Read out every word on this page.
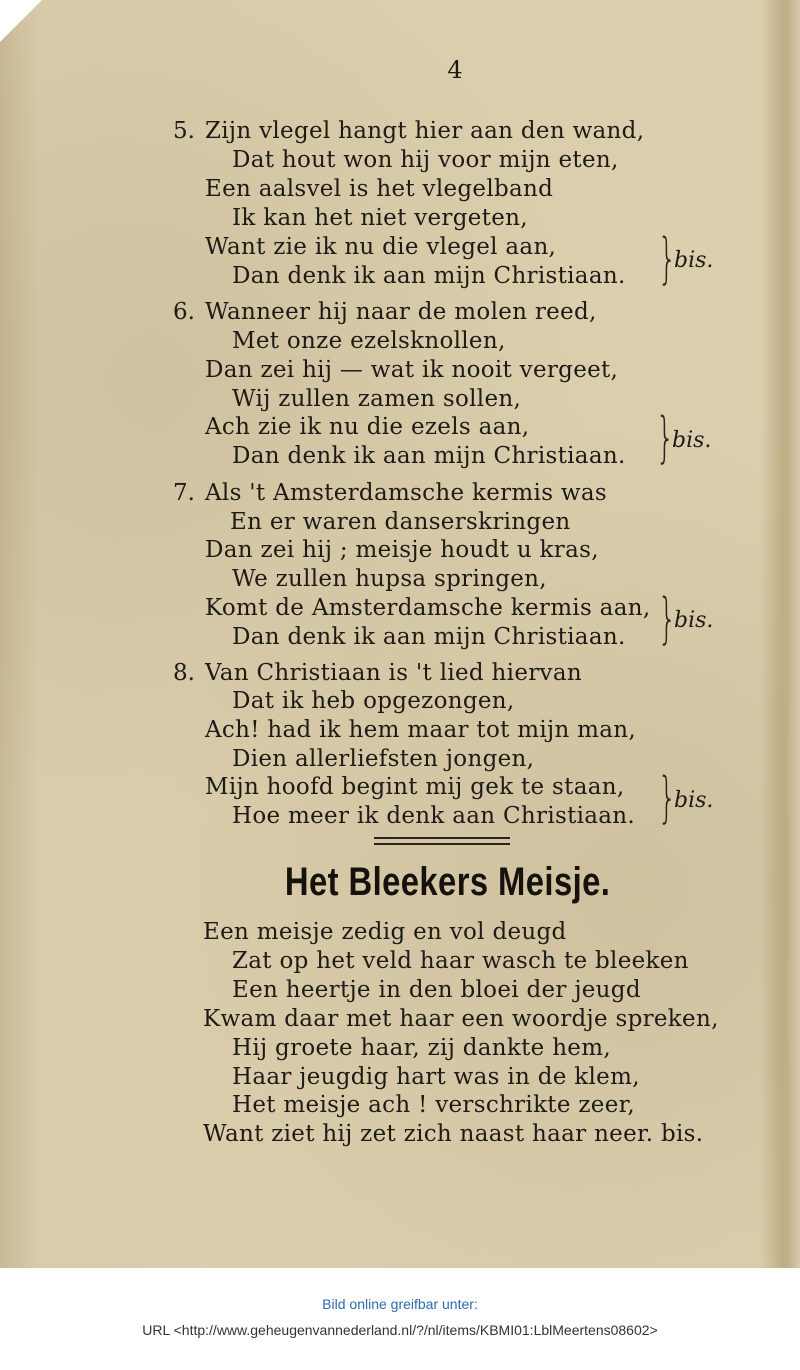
4
5. Zijn vlegel hangt hier aan den wand,
Dat hout won hij voor mijn eten,
Een aalsvel is het vlegelband
Ik kan het niet vergeten,
Want zie ik nu die vlegel aan,
Dan denk ik aan mijn Christiaan. }
bis.
6. Wanneer hij naar de molen reed,
Met onze ezelsknollen,
Dan zei hij — wat ik nooit vergeet,
Wij zullen zamen sollen,
Ach zie ik nu die ezels aan,
Dan denk ik aan mijn Christiaan. }
bis.
7. Als 't Amsterdamsche kermis was
En er waren danserskringen
Dan zei hij ; meisje houdt u kras,
We zullen hupsa springen,
Komt de Amsterdamsche kermis aan,
Dan denk ik aan mijn Christiaan. }
bis.
8. Van Christiaan is 't lied hiervan
Dat ik heb opgezongen,
Ach! had ik hem maar tot mijn man,
Dien allerliefsten jongen,
Mijn hoofd begint mij gek te staan,
Hoe meer ik denk aan Christiaan. }
bis.
Het Bleekers Meisje.
Een meisje zedig en vol deugd
Zat op het veld haar wasch te bleeken
Een heertje in den bloei der jeugd
Kwam daar met haar een woordje spreken,
Hij groete haar, zij dankte hem,
Haar jeugdig hart was in de klem,
Het meisje ach ! verschrikte zeer,
Want ziet hij zet zich naast haar neer. bis.
Bild online greifbar unter:
URL <http://www.geheugenvannederland.nl/?/nl/items/KBMI01:LblMeertens08602>
